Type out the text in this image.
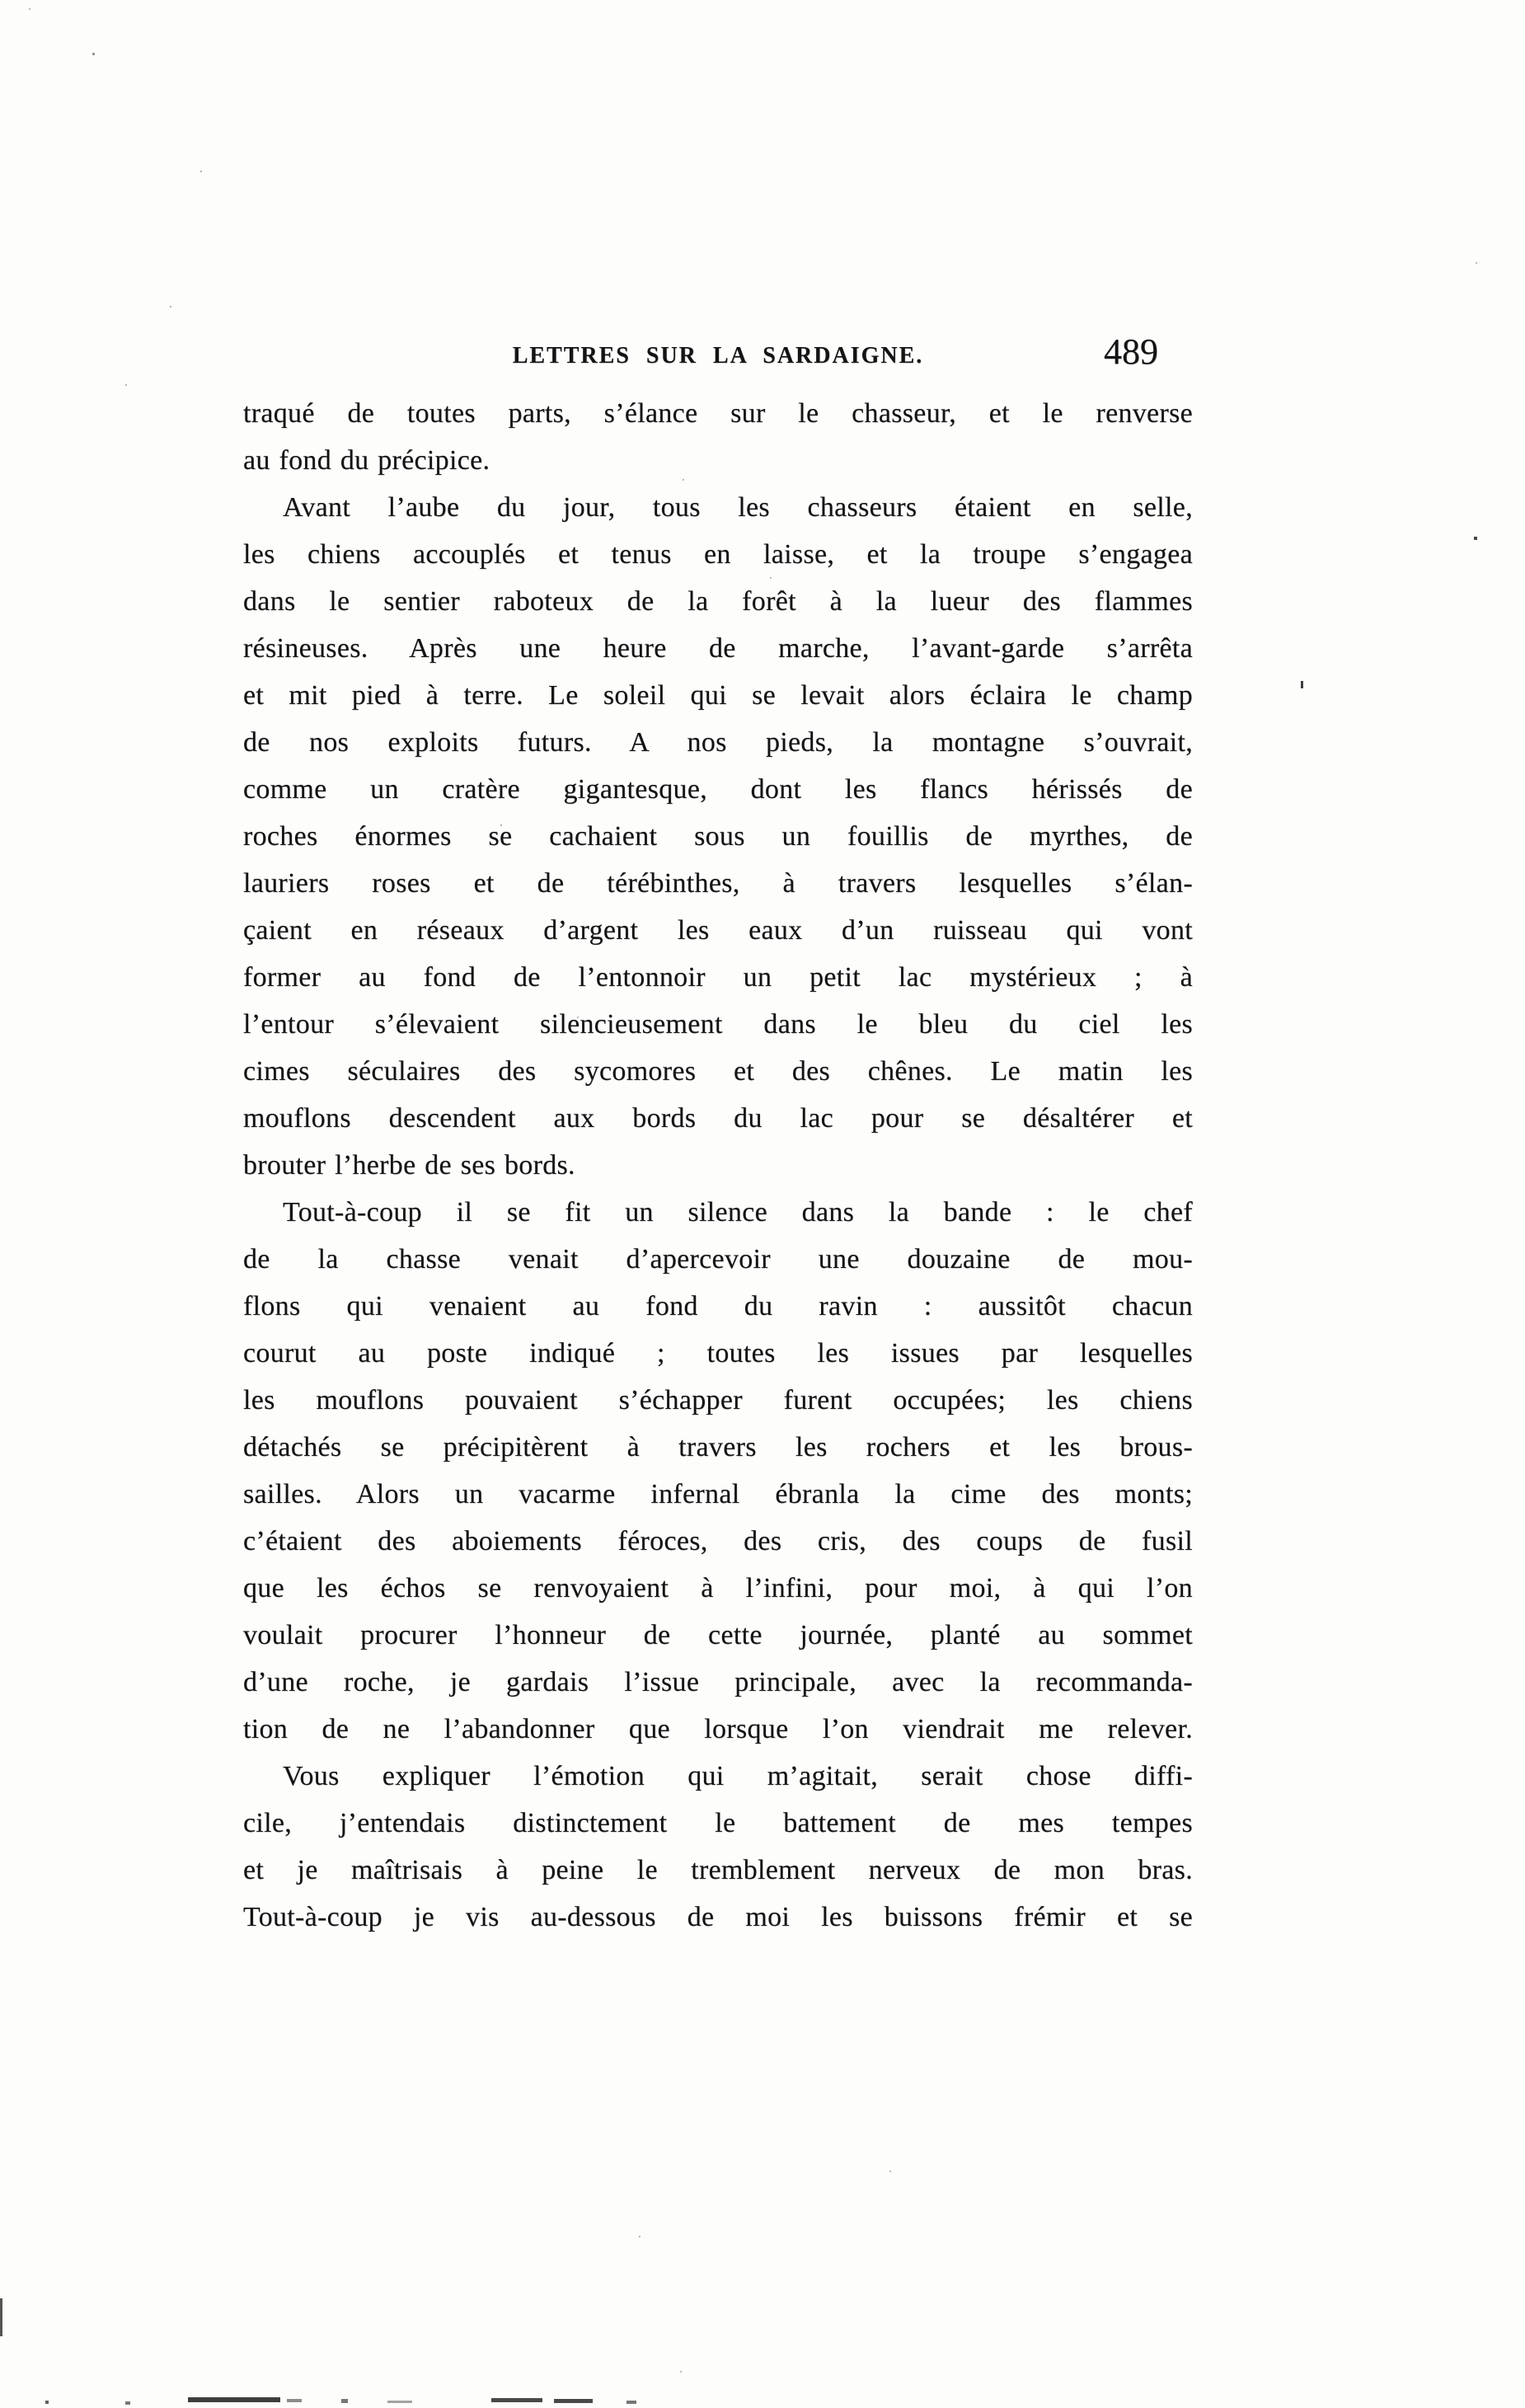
LETTRES SUR LA SARDAIGNE.	489
traqué de toutes parts, s’élance sur le chasseur, et le renverse
au fond du précipice.
Avant l’aube du jour, tous les chasseurs étaient en selle,
les chiens accouplés et tenus en laisse, et la troupe s’engagea
dans le sentier raboteux de la forêt à la lueur des flammes
résineuses. Après une heure de marche, l’avant-garde s’arrêta
et mit pied à terre. Le soleil qui se levait alors éclaira le champ
de nos exploits futurs. A nos pieds, la montagne s’ouvrait,
comme un cratère gigantesque, dont les flancs hérissés de
roches énormes se cachaient sous un fouillis de myrthes, de
lauriers roses et de térébinthes, à travers lesquelles s’élan-
çaient en réseaux d’argent les eaux d’un ruisseau qui vont
former au fond de l’entonnoir un petit lac mystérieux ; à
l’entour s’élevaient silencieusement dans le bleu du ciel les
cimes séculaires des sycomores et des chênes. Le matin les
mouflons descendent aux bords du lac pour se désaltérer et
brouter l’herbe de ses bords.
Tout-à-coup il se fit un silence dans la bande : le chef
de la chasse venait d’apercevoir une douzaine de mou-
flons qui venaient au fond du ravin : aussitôt chacun
courut au poste indiqué ; toutes les issues par lesquelles
les mouflons pouvaient s’échapper furent occupées; les chiens
détachés se précipitèrent à travers les rochers et les brous-
sailles. Alors un vacarme infernal ébranla la cime des monts;
c’étaient des aboiements féroces, des cris, des coups de fusil
que les échos se renvoyaient à l’infini, pour moi, à qui l’on
voulait procurer l’honneur de cette journée, planté au sommet
d’une roche, je gardais l’issue principale, avec la recommanda-
tion de ne l’abandonner que lorsque l’on viendrait me relever.
Vous expliquer l’émotion qui m’agitait, serait chose diffi-
cile, j’entendais distinctement le battement de mes tempes
et je maîtrisais à peine le tremblement nerveux de mon bras.
Tout-à-coup je vis au-dessous de moi les buissons frémir et se
